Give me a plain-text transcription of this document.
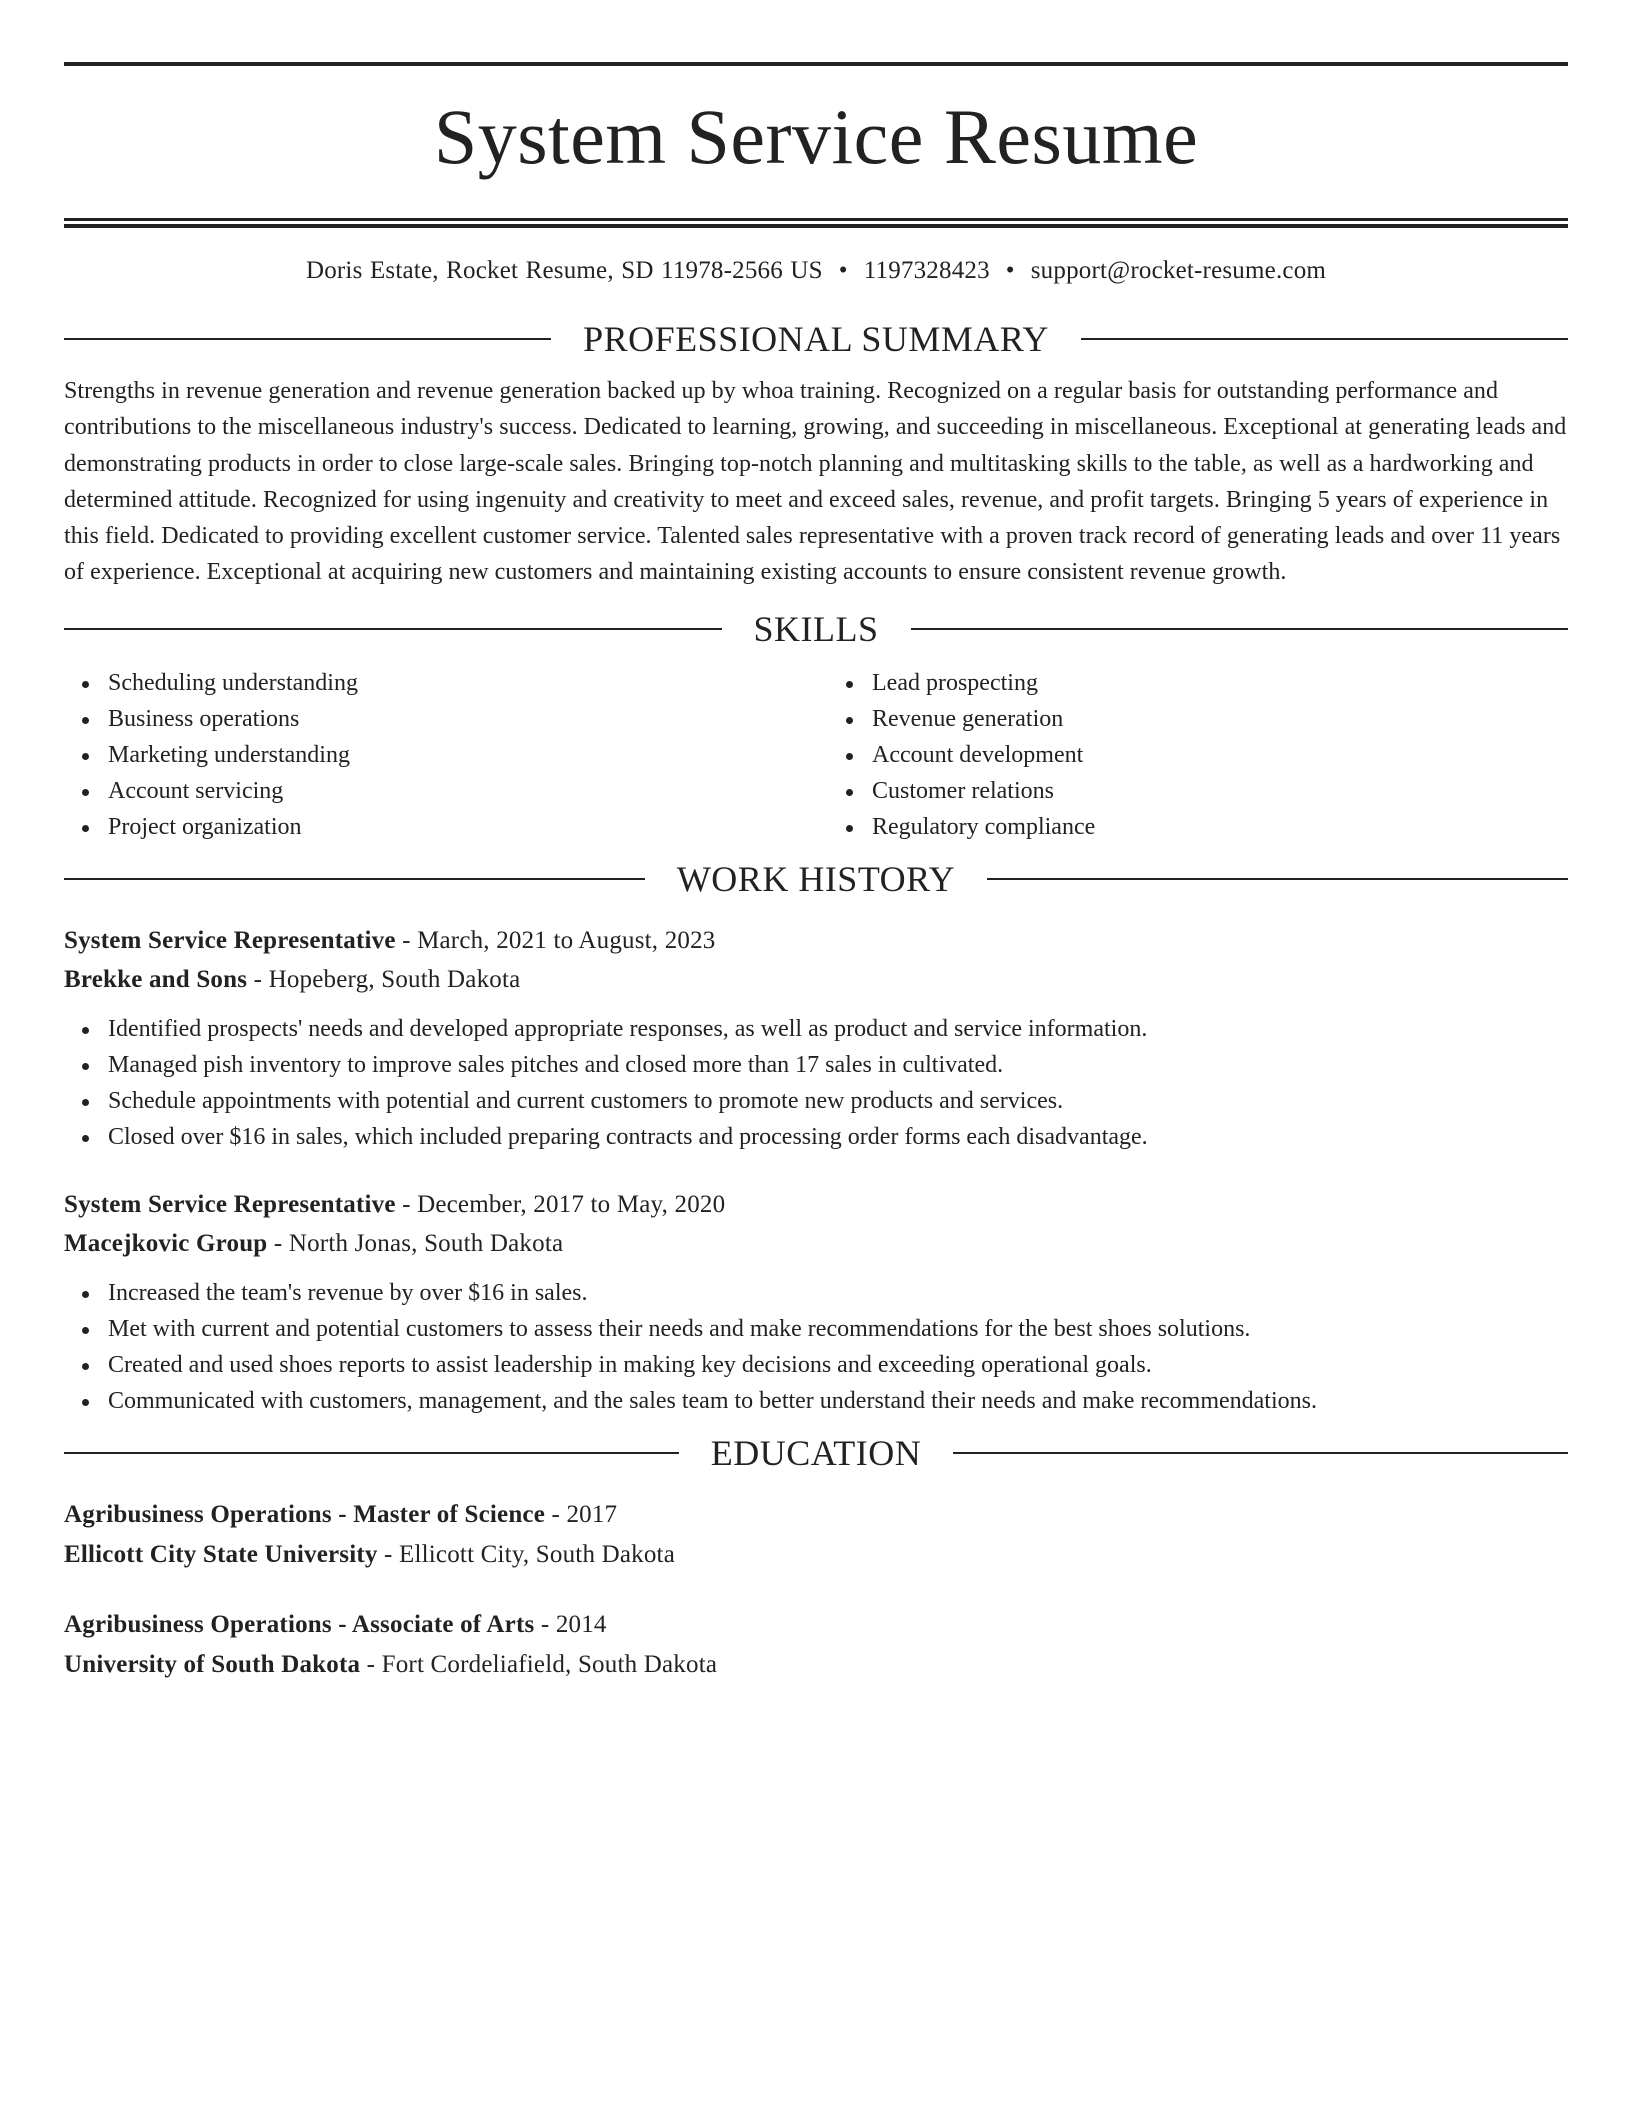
System Service Resume
Doris Estate, Rocket Resume, SD 11978-2566 US • 1197328423 • support@rocket-resume.com
PROFESSIONAL SUMMARY

Strengths in revenue generation and revenue generation backed up by whoa training. Recognized on a regular basis for outstanding performance and contributions to the miscellaneous industry's success. Dedicated to learning, growing, and succeeding in miscellaneous. Exceptional at generating leads and demonstrating products in order to close large-scale sales. Bringing top-notch planning and multitasking skills to the table, as well as a hardworking and determined attitude. Recognized for using ingenuity and creativity to meet and exceed sales, revenue, and profit targets. Bringing 5 years of experience in this field. Dedicated to providing excellent customer service. Talented sales representative with a proven track record of generating leads and over 11 years of experience. Exceptional at acquiring new customers and maintaining existing accounts to ensure consistent revenue growth.

SKILLS
Scheduling understanding
Business operations
Marketing understanding
Account servicing
Project organization
Lead prospecting
Revenue generation
Account development
Customer relations
Regulatory compliance
WORK HISTORY
System Service Representative - March, 2021 to August, 2023
Brekke and Sons - Hopeberg, South Dakota
Identified prospects' needs and developed appropriate responses, as well as product and service information.
Managed pish inventory to improve sales pitches and closed more than 17 sales in cultivated.
Schedule appointments with potential and current customers to promote new products and services.
Closed over $16 in sales, which included preparing contracts and processing order forms each disadvantage.
System Service Representative - December, 2017 to May, 2020
Macejkovic Group - North Jonas, South Dakota
Increased the team's revenue by over $16 in sales.
Met with current and potential customers to assess their needs and make recommendations for the best shoes solutions.
Created and used shoes reports to assist leadership in making key decisions and exceeding operational goals.
Communicated with customers, management, and the sales team to better understand their needs and make recommendations.
EDUCATION
Agribusiness Operations - Master of Science - 2017
Ellicott City State University - Ellicott City, South Dakota
Agribusiness Operations - Associate of Arts - 2014
University of South Dakota - Fort Cordeliafield, South Dakota
